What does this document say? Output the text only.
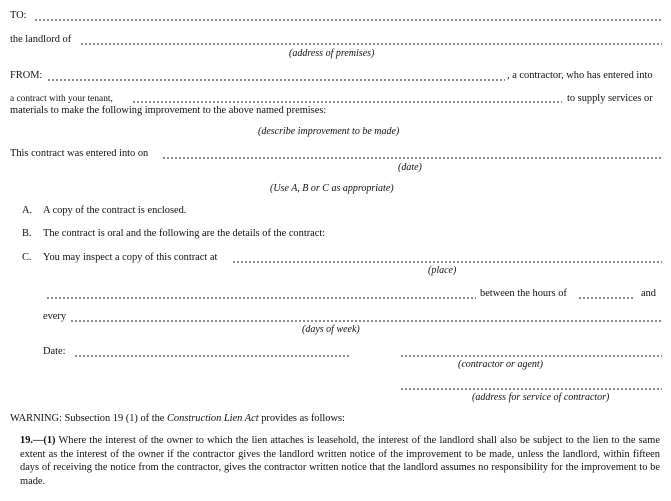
TO:
the landlord of
(address of premises)
FROM:	, a contractor, who has entered into
a contract with your tenant,	to supply services or
materials to make the following improvement to the above named premises:
(describe improvement to be made)
This contract was entered into on
(date)
(Use A, B or C as appropriate)
A. A copy of the contract is enclosed.
B. The contract is oral and the following are the details of the contract:
C. You may inspect a copy of this contract at
(place)
between the hours of	and
every
(days of week)
Date:
(contractor or agent)
(address for service of contractor)
WARNING: Subsection 19 (1) of the Construction Lien Act provides as follows:
19.—(1) Where the interest of the owner to which the lien attaches is leasehold, the interest of the landlord shall also be subject to the lien to the same extent as the interest of the owner if the contractor gives the landlord written notice of the improvement to be made, unless the landlord, within fifteen days of receiving the notice from the contractor, gives the contractor written notice that the landlord assumes no responsibility for the improvement to be made.
